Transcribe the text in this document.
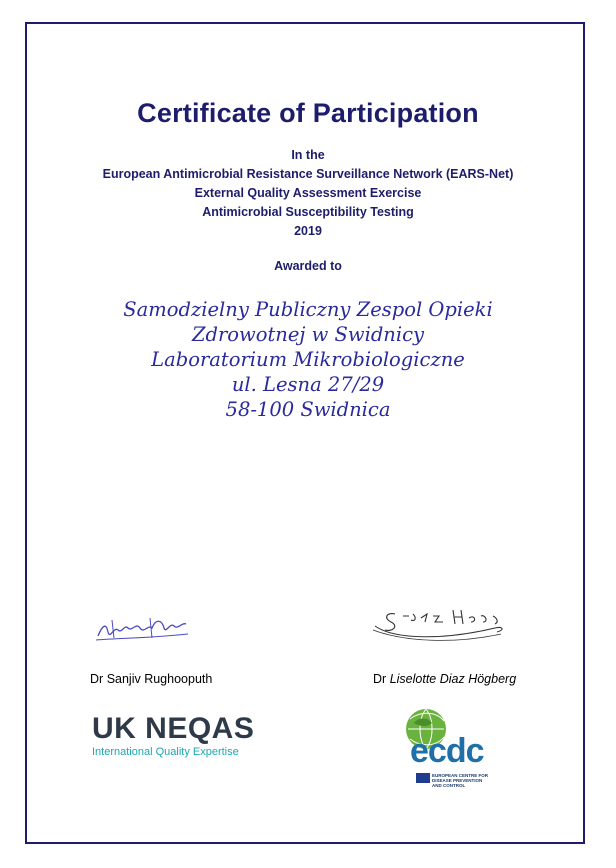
Certificate of Participation
In the
European Antimicrobial Resistance Surveillance Network (EARS-Net)
External Quality Assessment Exercise
Antimicrobial Susceptibility Testing
2019
Awarded to
Samodzielny Publiczny Zespol Opieki
Zdrowotnej w Swidnicy
Laboratorium Mikrobiologiczne
ul. Lesna 27/29
58-100 Swidnica
Dr Sanjiv Rughooputh	Dr Liselotte Diaz Högberg
UK NEQAS
International Quality Expertise	ecdc
EUROPEAN CENTRE FOR
DISEASE PREVENTION
AND CONTROL
